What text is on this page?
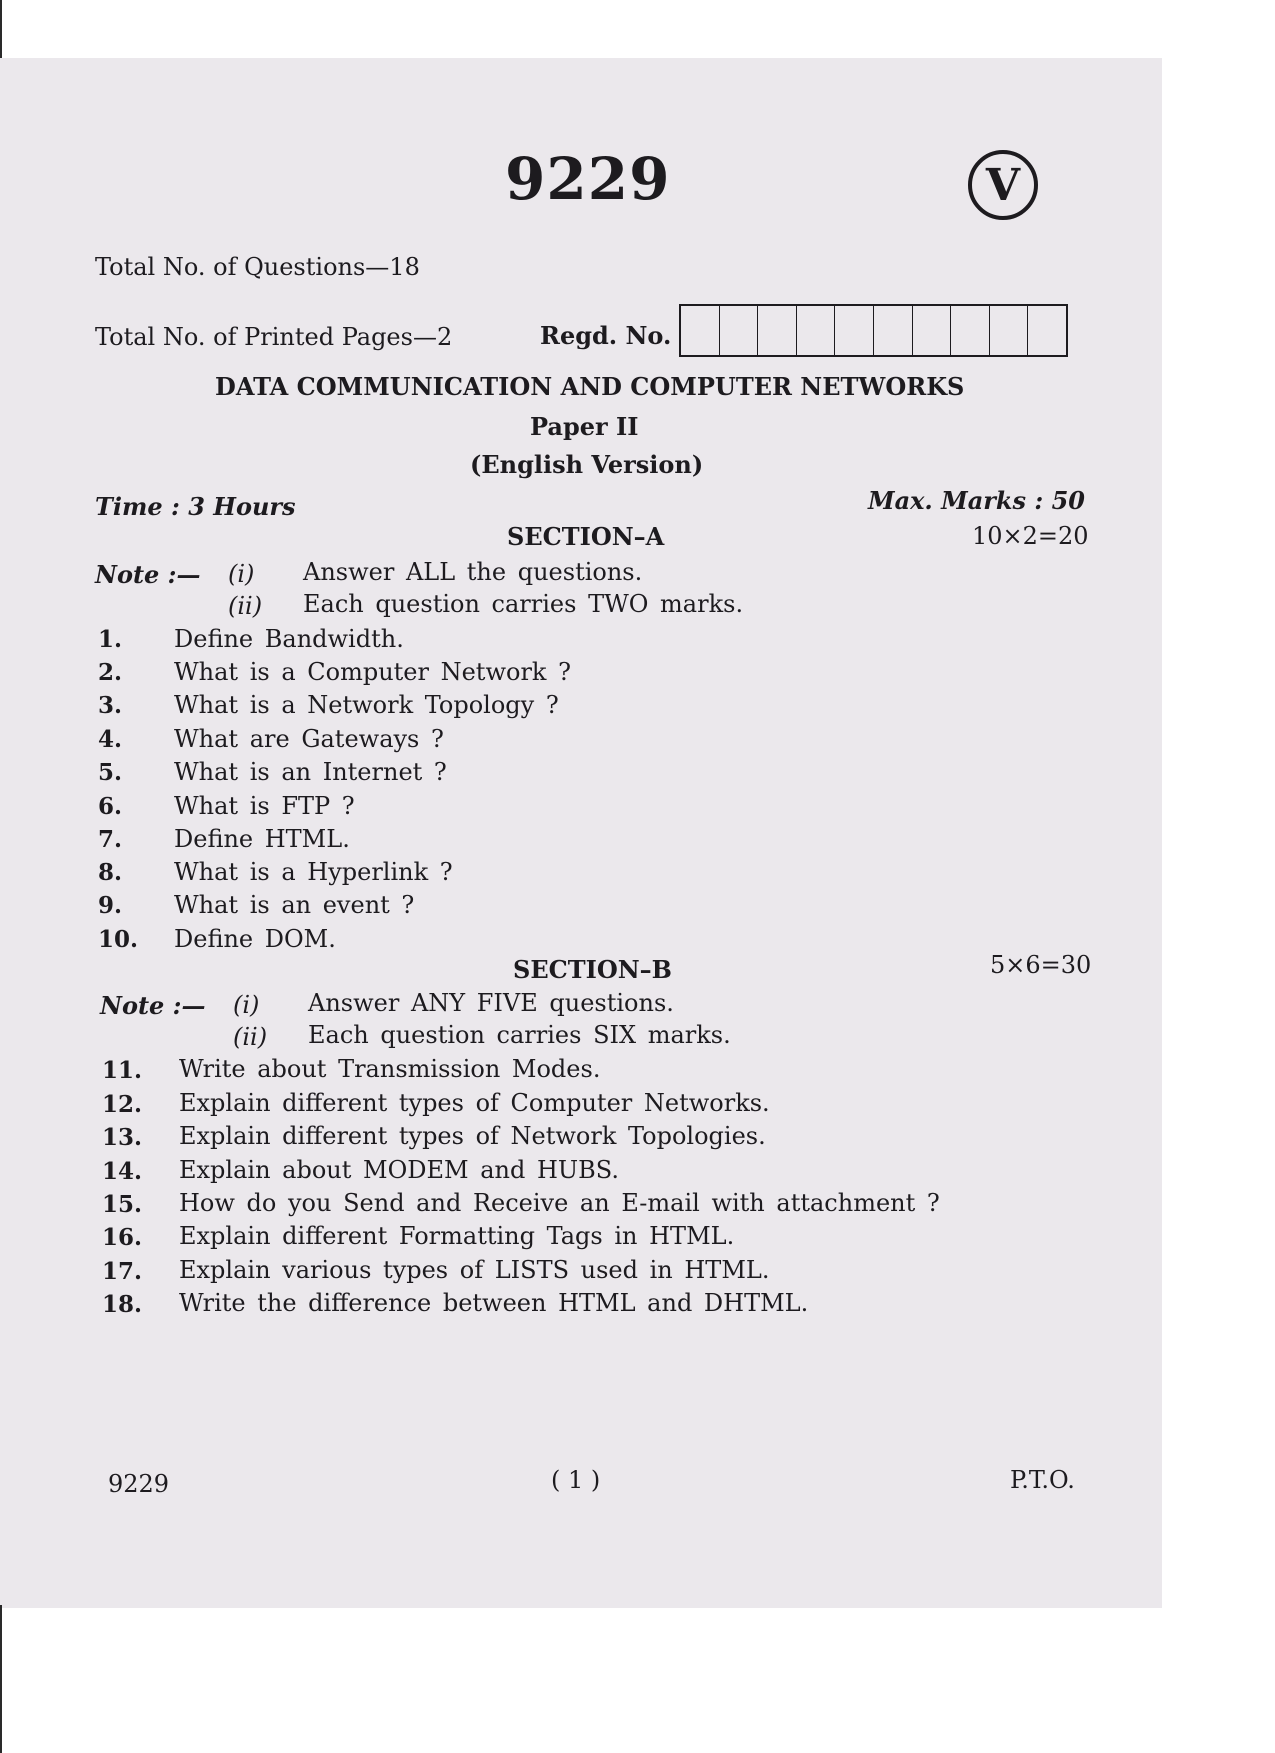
9229	V
Total No. of Questions—18
Total No. of Printed Pages—2	Regd. No.
DATA COMMUNICATION AND COMPUTER NETWORKS
Paper II
(English Version)
Time : 3 Hours	Max. Marks : 50
SECTION–A	10×2=20
Note :— (i) Answer ALL the questions.
(ii) Each question carries TWO marks.
1. Define Bandwidth.
2. What is a Computer Network ?
3. What is a Network Topology ?
4. What are Gateways ?
5. What is an Internet ?
6. What is FTP ?
7. Define HTML.
8. What is a Hyperlink ?
9. What is an event ?
10. Define DOM.
SECTION–B	5×6=30
Note :— (i) Answer ANY FIVE questions.
(ii) Each question carries SIX marks.
11. Write about Transmission Modes.
12. Explain different types of Computer Networks.
13. Explain different types of Network Topologies.
14. Explain about MODEM and HUBS.
15. How do you Send and Receive an E-mail with attachment ?
16. Explain different Formatting Tags in HTML.
17. Explain various types of LISTS used in HTML.
18. Write the difference between HTML and DHTML.
9229	( 1 )	P.T.O.
